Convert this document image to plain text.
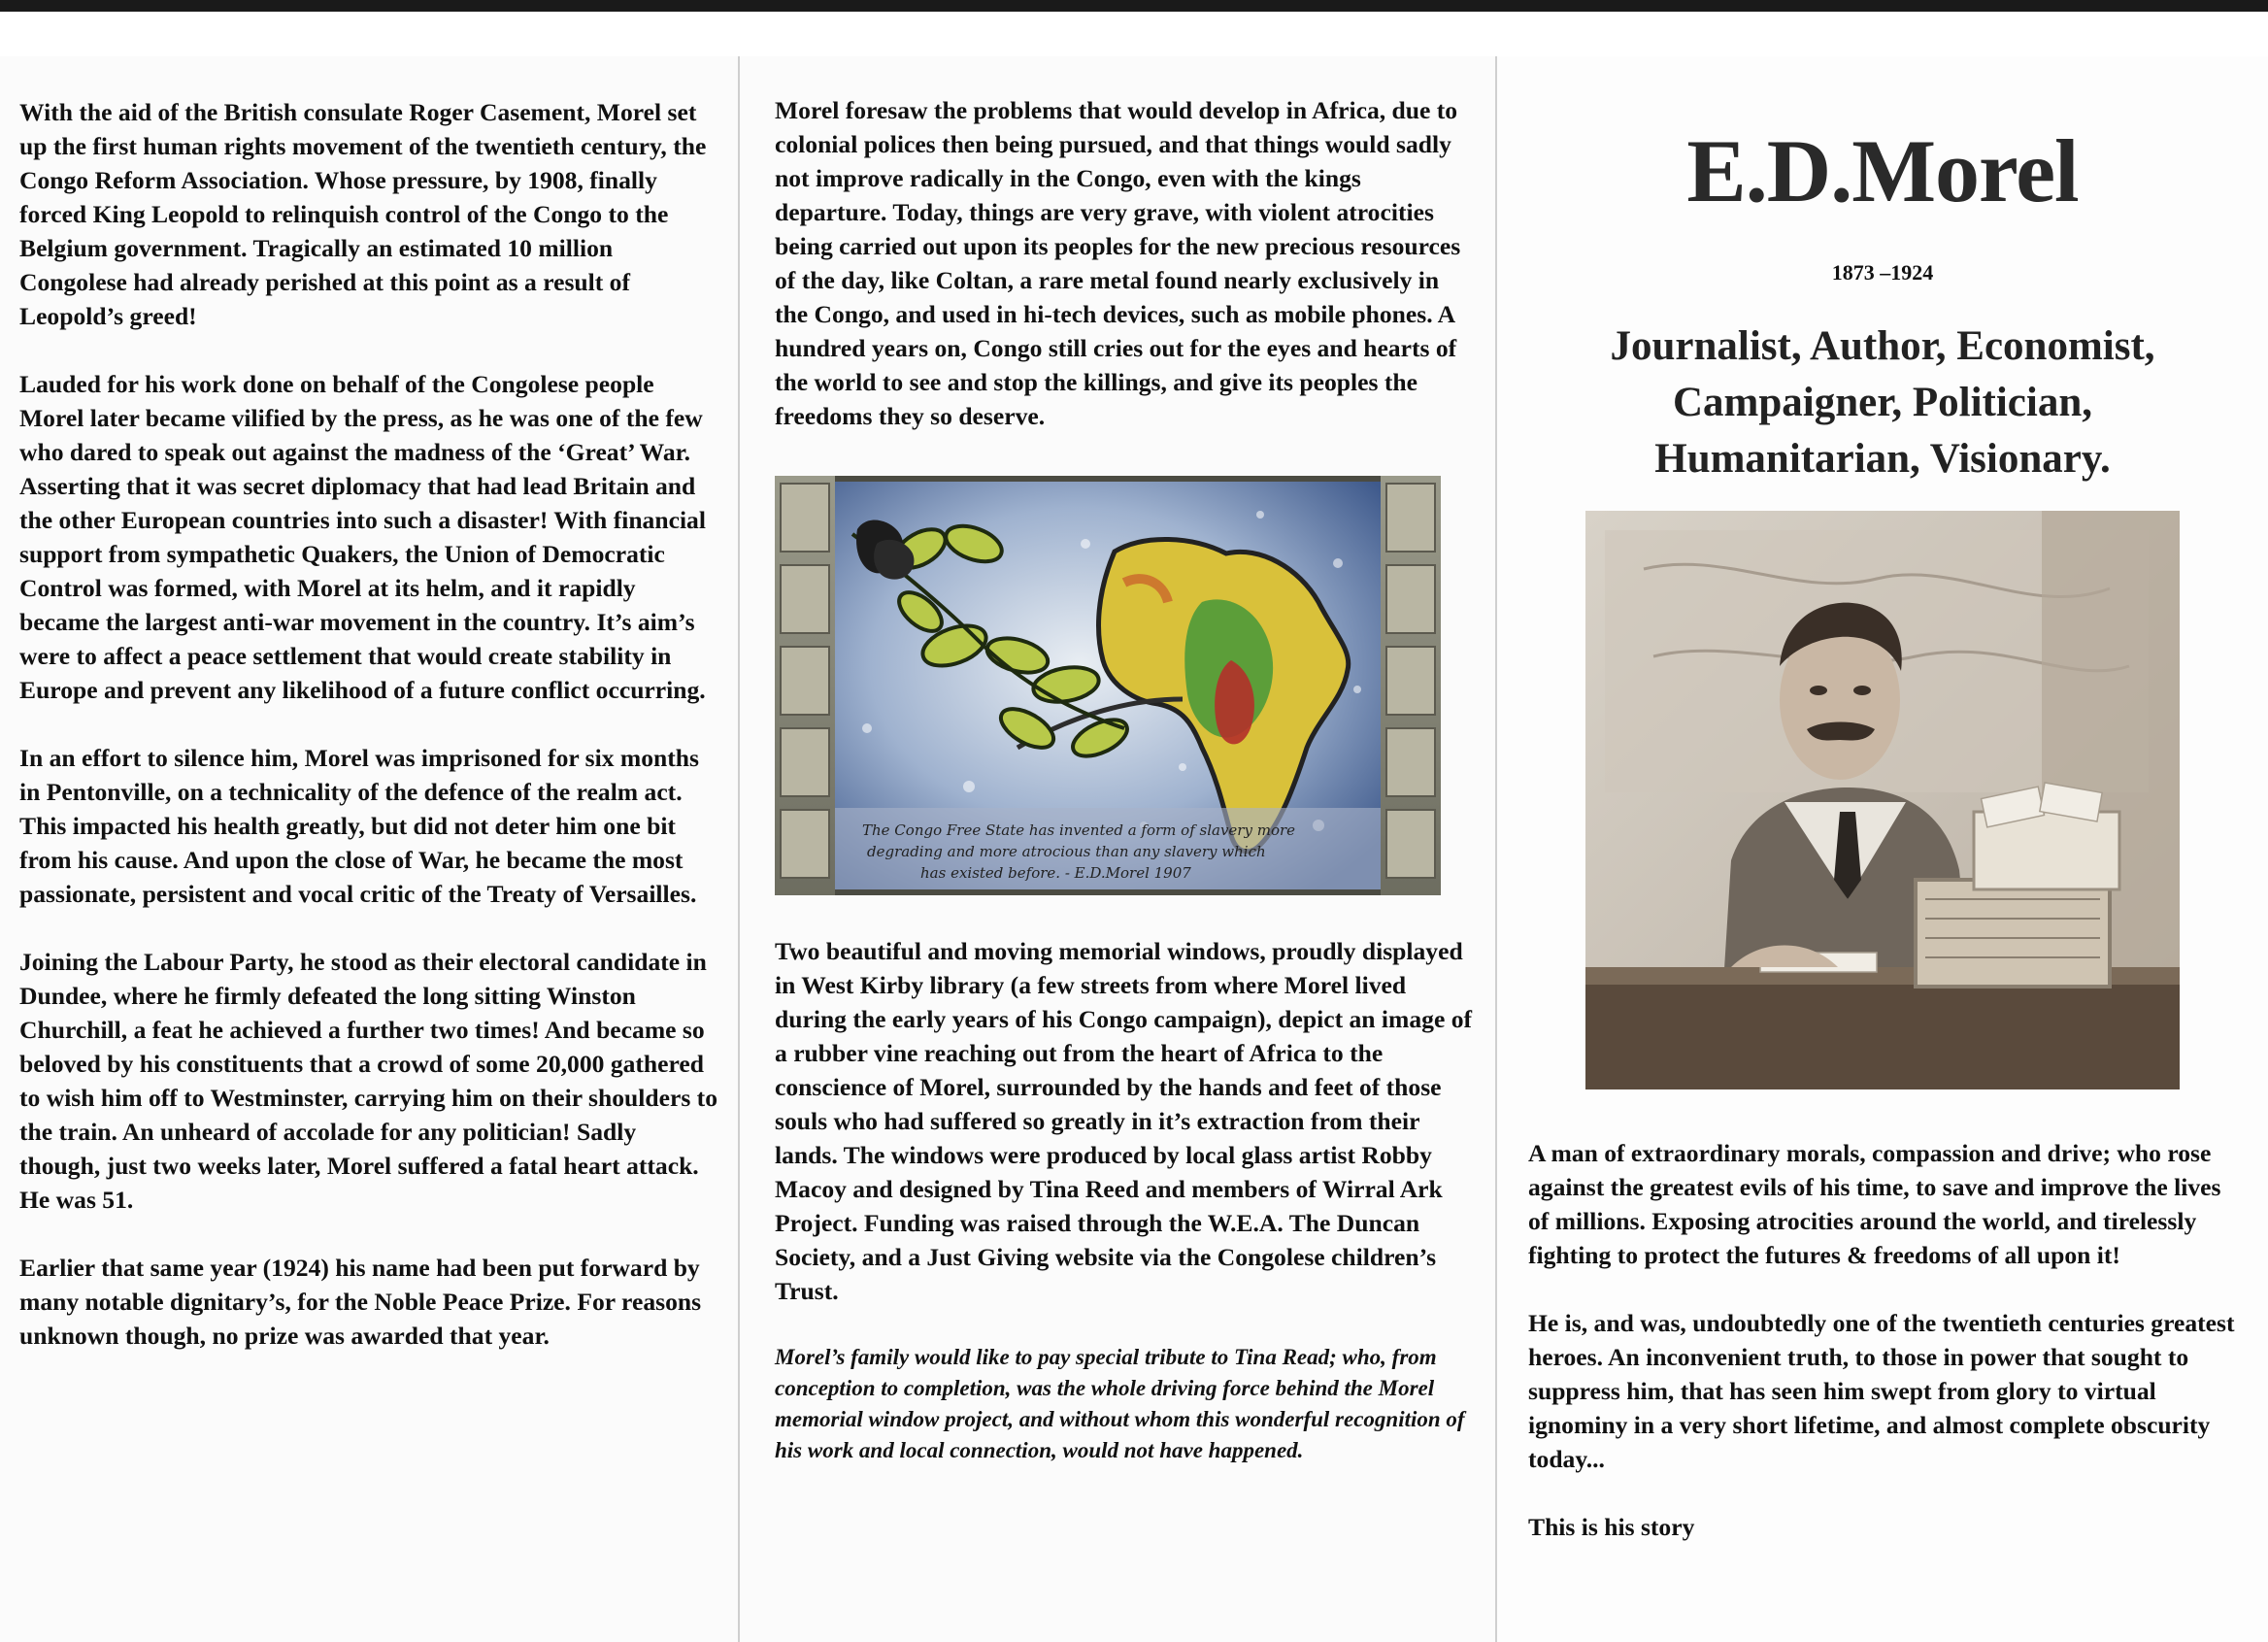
With the aid of the British consulate Roger Casement, Morel set up the first human rights movement of the twentieth century, the Congo Reform Association. Whose pressure, by 1908, finally forced King Leopold to relinquish control of the Congo to the Belgium government. Tragically an estimated 10 million Congolese had already perished at this point as a result of Leopold’s greed!

Lauded for his work done on behalf of the Congolese people Morel later became vilified by the press, as he was one of the few who dared to speak out against the madness of the ‘Great’ War. Asserting that it was secret diplomacy that had lead Britain and the other European countries into such a disaster! With financial support from sympathetic Quakers, the Union of Democratic Control was formed, with Morel at its helm, and it rapidly became the largest anti-war movement in the country. It’s aim’s were to affect a peace settlement that would create stability in Europe and prevent any likelihood of a future conflict occurring.

In an effort to silence him, Morel was imprisoned for six months in Pentonville, on a technicality of the defence of the realm act. This impacted his health greatly, but did not deter him one bit from his cause. And upon the close of War, he became the most passionate, persistent and vocal critic of the Treaty of Versailles.

Joining the Labour Party, he stood as their electoral candidate in Dundee, where he firmly defeated the long sitting Winston Churchill, a feat he achieved a further two times! And became so beloved by his constituents that a crowd of some 20,000 gathered to wish him off to Westminster, carrying him on their shoulders to the train. An unheard of accolade for any politician! Sadly though, just two weeks later, Morel suffered a fatal heart attack. He was 51.

Earlier that same year (1924) his name had been put forward by many notable dignitary’s, for the Noble Peace Prize. For reasons unknown though, no prize was awarded that year.

Morel foresaw the problems that would develop in Africa, due to colonial polices then being pursued, and that things would sadly not improve radically in the Congo, even with the kings departure. Today, things are very grave, with violent atrocities being carried out upon its peoples for the new precious resources of the day, like Coltan, a rare metal found nearly exclusively in the Congo, and used in hi-tech devices, such as mobile phones. A hundred years on, Congo still cries out for the eyes and hearts of the world to see and stop the killings, and give its peoples the freedoms they so deserve.

The Congo Free State has invented a form of slavery more
degrading and more atrocious than any slavery which
has existed before. - E.D.Morel 1907

Two beautiful and moving memorial windows, proudly displayed in West Kirby library (a few streets from where Morel lived during the early years of his Congo campaign), depict an image of a rubber vine reaching out from the heart of Africa to the conscience of Morel, surrounded by the hands and feet of those souls who had suffered so greatly in it’s extraction from their lands. The windows were produced by local glass artist Robby Macoy and designed by Tina Reed and members of Wirral Ark Project. Funding was raised through the W.E.A. The Duncan Society, and a Just Giving website via the Congolese children’s Trust.

Morel’s family would like to pay special tribute to Tina Read; who, from conception to completion, was the whole driving force behind the Morel memorial window project, and without whom this wonderful recognition of his work and local connection, would not have happened.

E.D.Morel
1873 –1924
Journalist, Author, Economist,
Campaigner, Politician,
Humanitarian, Visionary.

A man of extraordinary morals, compassion and drive; who rose against the greatest evils of his time, to save and improve the lives of millions. Exposing atrocities around the world, and tirelessly fighting to protect the futures & freedoms of all upon it!

He is, and was, undoubtedly one of the twentieth centuries greatest heroes. An inconvenient truth, to those in power that sought to suppress him, that has seen him swept from glory to virtual ignominy in a very short lifetime, and almost complete obscurity today...

This is his story
